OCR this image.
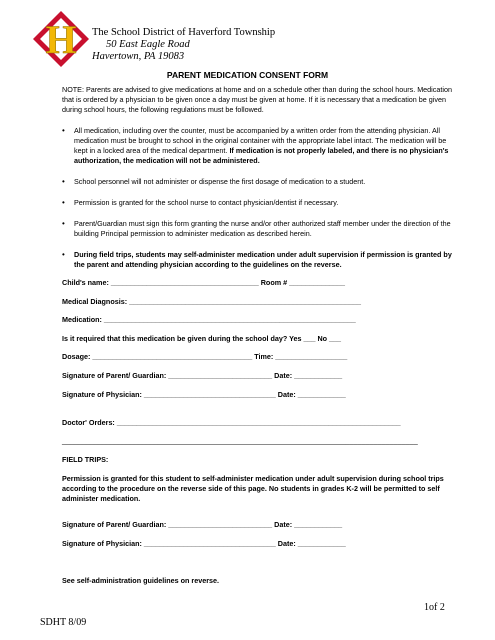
H The School District of Haverford Township
50 East Eagle Road
Havertown, PA 19083
PARENT MEDICATION CONSENT FORM
NOTE: Parents are advised to give medications at home and on a schedule other than during the school hours. Medication that is ordered by a physician to be given once a day must be given at home. If it is necessary that a medication be given during school hours, the following regulations must be followed.
• All medication, including over the counter, must be accompanied by a written order from the attending physician. All medication must be brought to school in the original container with the appropriate label intact. The medication will be kept in a locked area of the medical department. If medication is not properly labeled, and there is no physician's authorization, the medication will not be administered.
• School personnel will not administer or dispense the first dosage of medication to a student.
• Permission is granted for the school nurse to contact physician/dentist if necessary.
• Parent/Guardian must sign this form granting the nurse and/or other authorized staff member under the direction of the building Principal permission to administer medication as described herein.
• During field trips, students may self-administer medication under adult supervision if permission is granted by the parent and attending physician according to the guidelines on the reverse.
Child's name: _____________________________________ Room # ______________
Medical Diagnosis: __________________________________________________________
Medication: _______________________________________________________________
Is it required that this medication be given during the school day? Yes ___ No ___
Dosage: ________________________________________ Time: __________________
Signature of Parent/ Guardian: __________________________ Date: ____________
Signature of Physician: _________________________________ Date: ____________
Doctor' Orders: _______________________________________________________________________
_________________________________________________________________________________________
FIELD TRIPS:
Permission is granted for this student to self-administer medication under adult supervision during school trips according to the procedure on the reverse side of this page. No students in grades K-2 will be permitted to self administer medication.
Signature of Parent/ Guardian: __________________________ Date: ____________
Signature of Physician: _________________________________ Date: ____________
See self-administration guidelines on reverse.
SDHT 8/09
1of 2
